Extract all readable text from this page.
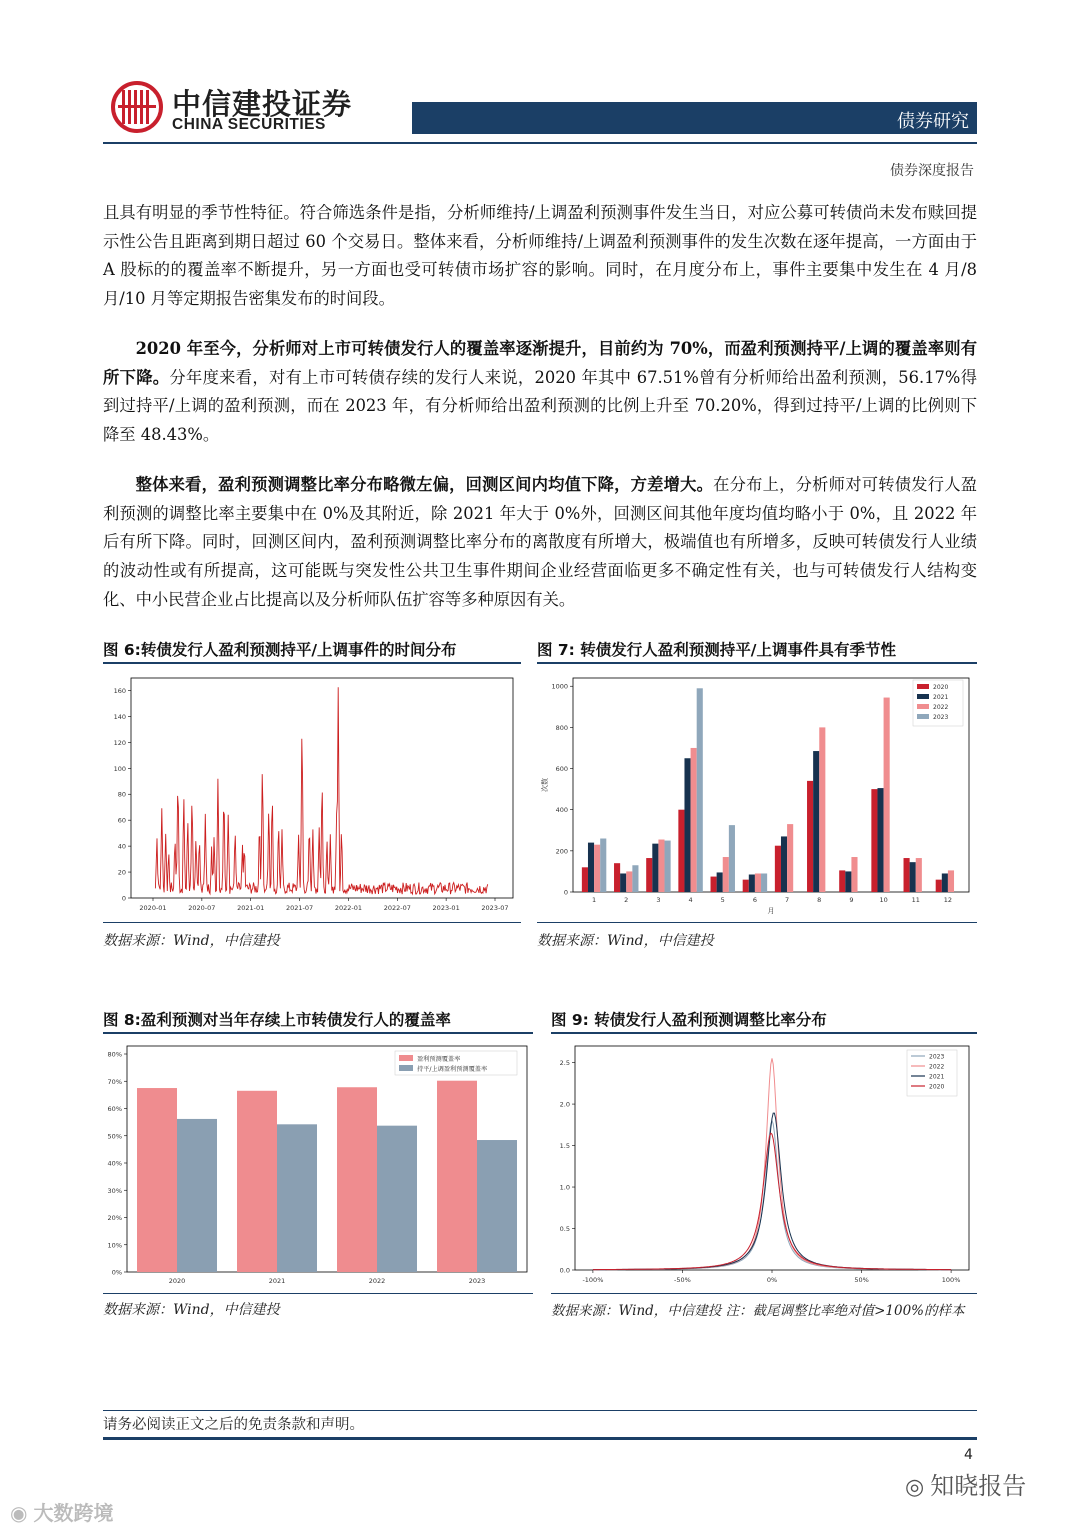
中信建投证券
CHINA SECURITIES	债券研究
债券深度报告
且具有明显的季节性特征。符合筛选条件是指，分析师维持/上调盈利预测事件发生当日，对应公募可转债尚未发布赎回提示性公告且距离到期日超过 60 个交易日。整体来看，分析师维持/上调盈利预测事件的发生次数在逐年提高，一方面由于 A 股标的的覆盖率不断提升，另一方面也受可转债市场扩容的影响。同时，在月度分布上，事件主要集中发生在 4 月/8 月/10 月等定期报告密集发布的时间段。
2020 年至今，分析师对上市可转债发行人的覆盖率逐渐提升，目前约为 70%，而盈利预测持平/上调的覆盖率则有所下降。分年度来看，对有上市可转债存续的发行人来说，2020 年其中 67.51%曾有分析师给出盈利预测，56.17%得到过持平/上调的盈利预测，而在 2023 年，有分析师给出盈利预测的比例上升至 70.20%，得到过持平/上调的比例则下降至 48.43%。
整体来看，盈利预测调整比率分布略微左偏，回测区间内均值下降，方差增大。在分布上，分析师对可转债发行人盈利预测的调整比率主要集中在 0%及其附近，除 2021 年大于 0%外，回测区间其他年度均值均略小于 0%，且 2022 年后有所下降。同时，回测区间内，盈利预测调整比率分布的离散度有所增大，极端值也有所增多，反映可转债发行人业绩的波动性或有所提高，这可能既与突发性公共卫生事件期间企业经营面临更多不确定性有关，也与可转债发行人结构变化、中小民营企业占比提高以及分析师队伍扩容等多种原因有关。
图 6:转债发行人盈利预测持平/上调事件的时间分布
0
20
40
60
80
100
120
140
160
2020-01	2020-07	2021-01	2021-07	2022-01	2022-07	2023-01	2023-07
数据来源：Wind，中信建投
图 7: 转债发行人盈利预测持平/上调事件具有季节性
0
200
400
600
800
1000
次数
1	2	3	4	5	6	7	8	9	10	11	12
月
2020
2021
2022
2023
数据来源：Wind，中信建投
图 8:盈利预测对当年存续上市转债发行人的覆盖率
0%
10%
20%
30%
40%
50%
60%
70%
80%
2020	2021	2022	2023
盈利预测覆盖率
持平/上调盈利预测覆盖率
数据来源：Wind，中信建投
图 9: 转债发行人盈利预测调整比率分布
0.0
0.5
1.0
1.5
2.0
2.5
-100%	-50%	0%	50%	100%
2023
2022
2021
2020
数据来源：Wind，中信建投 注：截尾调整比率绝对值>100%的样本
请务必阅读正文之后的免责条款和声明。
4
◎ 知晓报告
◉ 大数跨境
